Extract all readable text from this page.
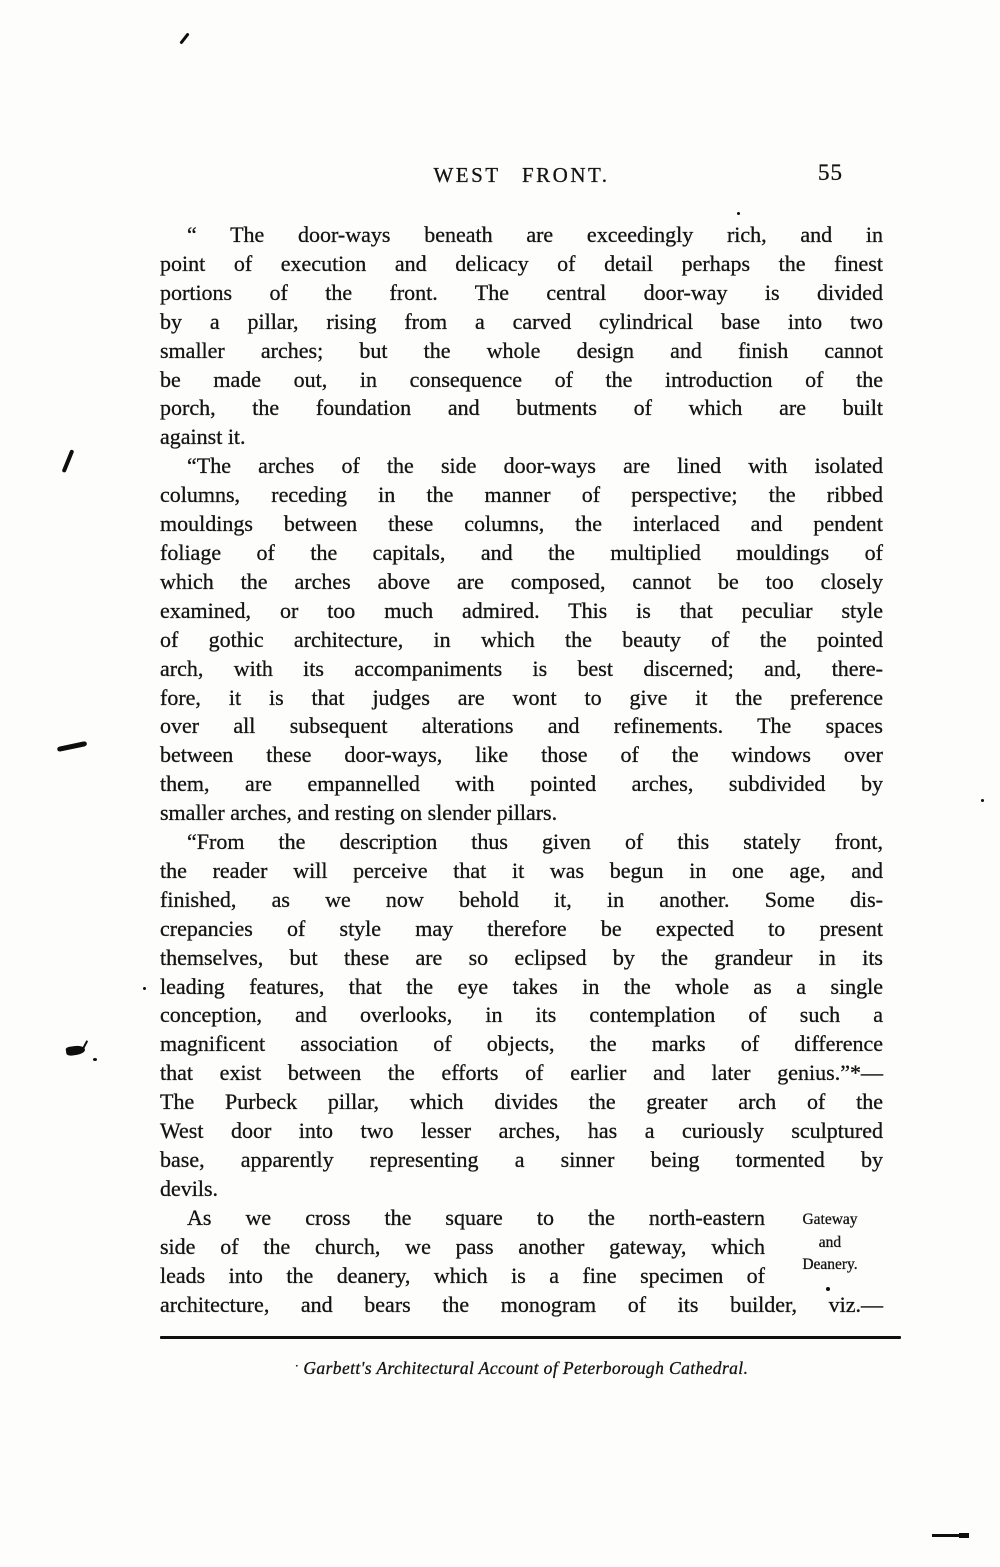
WEST FRONT.	55
“ The door-ways beneath are exceedingly rich, and in
point of execution and delicacy of detail perhaps the finest
portions of the front. The central door-way is divided
by a pillar, rising from a carved cylindrical base into two
smaller arches; but the whole design and finish cannot
be made out, in consequence of the introduction of the
porch, the foundation and butments of which are built
against it.
“The arches of the side door-ways are lined with isolated
columns, receding in the manner of perspective; the ribbed
mouldings between these columns, the interlaced and pendent
foliage of the capitals, and the multiplied mouldings of
which the arches above are composed, cannot be too closely
examined, or too much admired. This is that peculiar style
of gothic architecture, in which the beauty of the pointed
arch, with its accompaniments is best discerned; and, there-
fore, it is that judges are wont to give it the preference
over all subsequent alterations and refinements. The spaces
between these door-ways, like those of the windows over
them, are empannelled with pointed arches, subdivided by
smaller arches, and resting on slender pillars.
“From the description thus given of this stately front,
the reader will perceive that it was begun in one age, and
finished, as we now behold it, in another. Some dis-
crepancies of style may therefore be expected to present
themselves, but these are so eclipsed by the grandeur in its
leading features, that the eye takes in the whole as a single
conception, and overlooks, in its contemplation of such a
magnificent association of objects, the marks of difference
that exist between the efforts of earlier and later genius.”*—
The Purbeck pillar, which divides the greater arch of the
West door into two lesser arches, has a curiously sculptured
base, apparently representing a sinner being tormented by
devils.
As we cross the square to the north-eastern
side of the church, we pass another gateway, which
leads into the deanery, which is a fine specimen of
architecture, and bears the monogram of its builder, viz.—
Gateway
and
Deanery.
· Garbett's Architectural Account of Peterborough Cathedral.
